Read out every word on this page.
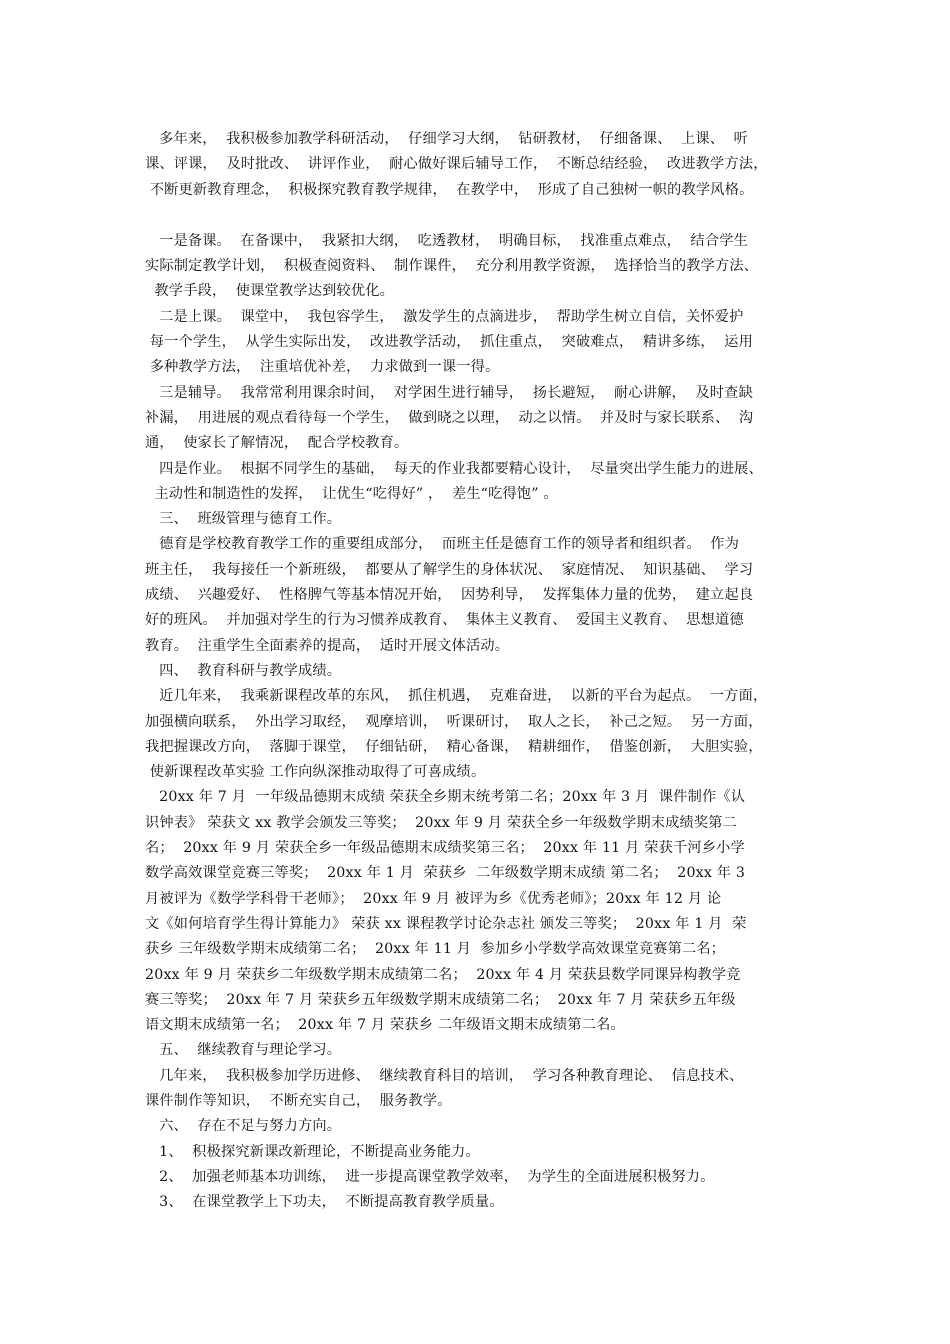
多年来，  我积极参加教学科研活动，  仔细学习大纲，  钻研教材，  仔细备课、  上课、  听
课、评课，  及时批改、  讲评作业，  耐心做好课后辅导工作，  不断总结经验，  改进教学方法，
不断更新教育理念，  积极探究教育教学规律，  在教学中，  形成了自己独树一帜的教学风格。
一是备课。  在备课中，  我紧扣大纲，  吃透教材，  明确目标，  找准重点难点，  结合学生
实际制定教学计划，  积极查阅资料、  制作课件，  充分利用教学资源，  选择恰当的教学方法、
教学手段，  使课堂教学达到较优化。
二是上课。  课堂中，  我包容学生，  激发学生的点滴进步，  帮助学生树立自信，关怀爱护
每一个学生，  从学生实际出发，  改进教学活动，  抓住重点，  突破难点，  精讲多练，  运用
多种教学方法，  注重培优补差，  力求做到一课一得。
三是辅导。  我常常利用课余时间，  对学困生进行辅导，  扬长避短，  耐心讲解，  及时查缺
补漏，  用进展的观点看待每一个学生，  做到晓之以理，  动之以情。  并及时与家长联系、  沟
通，  使家长了解情况，  配合学校教育。
四是作业。  根据不同学生的基础，  每天的作业我都要精心设计，  尽量突出学生能力的进展、
主动性和制造性的发挥，  让优生“吃得好” ，  差生“吃得饱” 。
三、  班级管理与德育工作。
德育是学校教育教学工作的重要组成部分，  而班主任是德育工作的领导者和组织者。  作为
班主任，  我每接任一个新班级，  都要从了解学生的身体状况、  家庭情况、  知识基础、  学习
成绩、  兴趣爱好、  性格脾气等基本情况开始，  因势利导，  发挥集体力量的优势，  建立起良
好的班风。  并加强对学生的行为习惯养成教育、  集体主义教育、  爱国主义教育、  思想道德
教育。  注重学生全面素养的提高，  适时开展文体活动。
四、  教育科研与教学成绩。
近几年来，  我乘新课程改革的东风，  抓住机遇，  克难奋进，  以新的平台为起点。  一方面，
加强横向联系，  外出学习取经，  观摩培训，  听课研讨，  取人之长，  补己之短。  另一方面，
我把握课改方向，  落脚于课堂，  仔细钻研，  精心备课，  精耕细作，  借鉴创新，  大胆实验，
使新课程改革实验 工作向纵深推动取得了可喜成绩。
20xx 年 7 月  一年级品德期末成绩 荣获全乡期末统考第二名；20xx 年 3 月  课件制作《认
识钟表》 荣获文 xx 教学会颁发三等奖；  20xx 年 9 月 荣获全乡一年级数学期末成绩奖第二
名；  20xx 年 9 月 荣获全乡一年级品德期末成绩奖第三名；  20xx 年 11 月 荣获千河乡小学
数学高效课堂竞赛三等奖；  20xx 年 1 月  荣获乡  二年级数学期末成绩 第二名；  20xx 年 3
月被评为《数学学科骨干老师》；  20xx 年 9 月 被评为乡《优秀老师》；20xx 年 12 月 论
文《如何培育学生得计算能力》 荣获 xx 课程教学讨论杂志社 颁发三等奖；  20xx 年 1 月  荣
获乡 三年级数学期末成绩第二名；  20xx 年 11 月  参加乡小学数学高效课堂竞赛第二名；
20xx 年 9 月 荣获乡二年级数学期末成绩第二名；  20xx 年 4 月 荣获县数学同课异构教学竞
赛三等奖；  20xx 年 7 月 荣获乡五年级数学期末成绩第二名；  20xx 年 7 月 荣获乡五年级
语文期末成绩第一名；  20xx 年 7 月 荣获乡 二年级语文期末成绩第二名。
五、  继续教育与理论学习。
几年来，  我积极参加学历进修、  继续教育科目的培训，  学习各种教育理论、  信息技术、
课件制作等知识，  不断充实自己，  服务教学。
六、  存在不足与努力方向。
1、  积极探究新课改新理论，不断提高业务能力。
2、  加强老师基本功训练，  进一步提高课堂教学效率，  为学生的全面进展积极努力。
3、  在课堂教学上下功夫，  不断提高教育教学质量。
